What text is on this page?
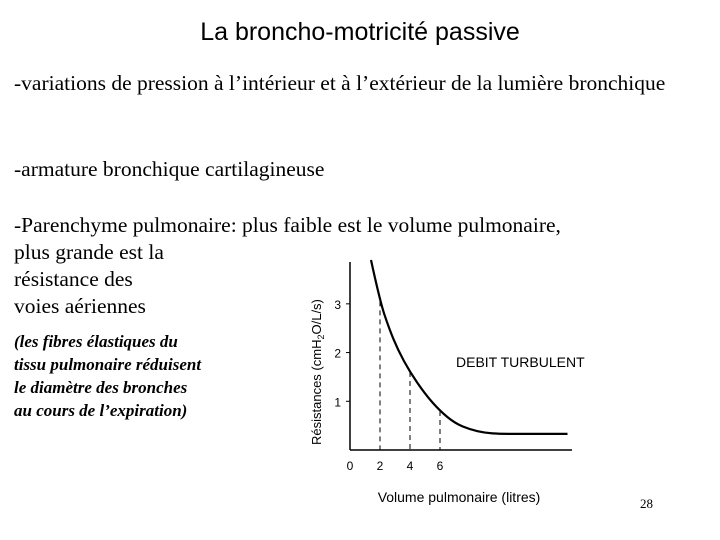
La broncho-motricité passive

-variations de pression à l’intérieur et à l’extérieur de la lumière bronchique

-armature bronchique cartilagineuse

-Parenchyme pulmonaire: plus faible est le volume pulmonaire,
plus grande est la
résistance des
voies aériennes
(les fibres élastiques du
tissu pulmonaire réduisent
le diamètre des bronches
au cours de l’expiration)	1
2
3
0 2 4 6
DEBIT TURBULENT
Volume pulmonaire (litres)
Résistances (cmH$_2$O/L/s)
28
